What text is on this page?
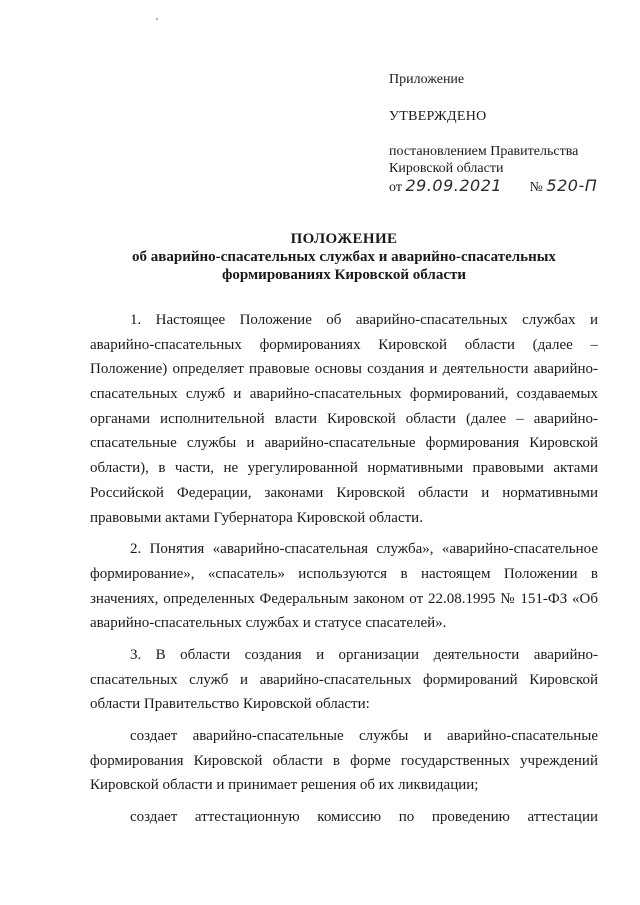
Приложение
УТВЕРЖДЕНО
постановлением Правительства
Кировской области
от 29.09.2021 № 520-П
ПОЛОЖЕНИЕ
об аварийно-спасательных службах и аварийно-спасательных
формированиях Кировской области
1. Настоящее Положение об аварийно-спасательных службах и
аварийно-спасательных формированиях Кировской области (далее –
Положение) определяет правовые основы создания и деятельности аварийно-
спасательных служб и аварийно-спасательных формирований, создаваемых
органами исполнительной власти Кировской области (далее – аварийно-
спасательные службы и аварийно-спасательные формирования Кировской
области), в части, не урегулированной нормативными правовыми актами
Российской Федерации, законами Кировской области и нормативными
правовыми актами Губернатора Кировской области.
2. Понятия «аварийно-спасательная служба», «аварийно-спасательное
формирование», «спасатель» используются в настоящем Положении в
значениях, определенных Федеральным законом от 22.08.1995 № 151-ФЗ «Об
аварийно-спасательных службах и статусе спасателей».
3. В области создания и организации деятельности аварийно-
спасательных служб и аварийно-спасательных формирований Кировской
области Правительство Кировской области:
создает аварийно-спасательные службы и аварийно-спасательные
формирования Кировской области в форме государственных учреждений
Кировской области и принимает решения об их ликвидации;
создает аттестационную комиссию по проведению аттестации
